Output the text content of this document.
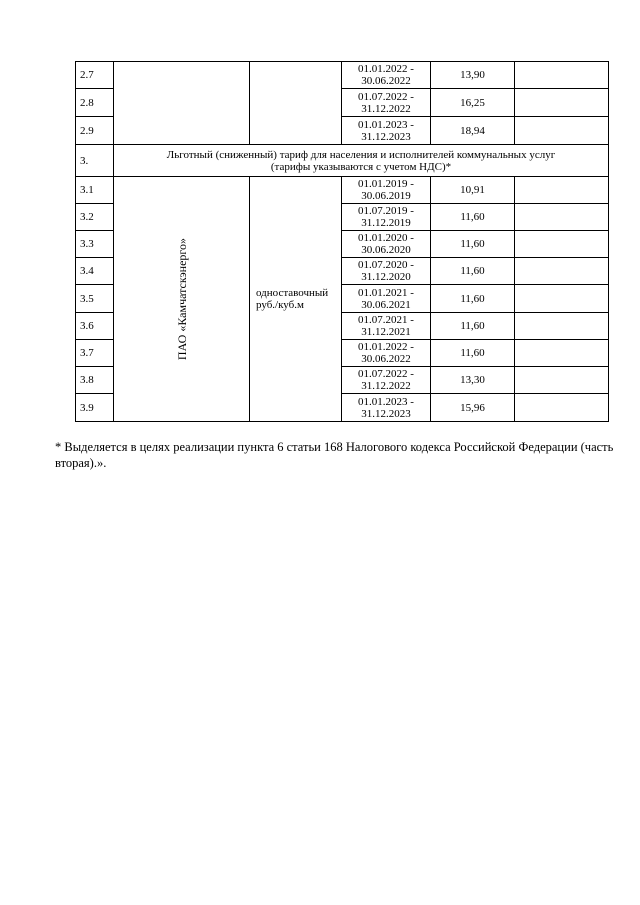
2.7			01.01.2022 -
30.06.2022	13,90	
2.8			01.07.2022 -
31.12.2022	16,25	
2.9			01.01.2023 -
31.12.2023	18,94	
3.	Льготный (сниженный) тариф для населения и исполнителей коммунальных услуг
(тарифы указываются с учетом НДС)*				
3.1	ПАО «Камчатскэнерго»	одноставочный
руб./куб.м	01.01.2019 -
30.06.2019	10,91	
3.2			01.07.2019 -
31.12.2019	11,60	
3.3			01.01.2020 -
30.06.2020	11,60	
3.4			01.07.2020 -
31.12.2020	11,60	
3.5			01.01.2021 -
30.06.2021	11,60	
3.6			01.07.2021 -
31.12.2021	11,60	
3.7			01.01.2022 -
30.06.2022	11,60	
3.8			01.07.2022 -
31.12.2022	13,30	
3.9			01.01.2023 -
31.12.2023	15,96	
* Выделяется в целях реализации пункта 6 статьи 168 Налогового кодекса Российской Федерации (часть вторая).».
